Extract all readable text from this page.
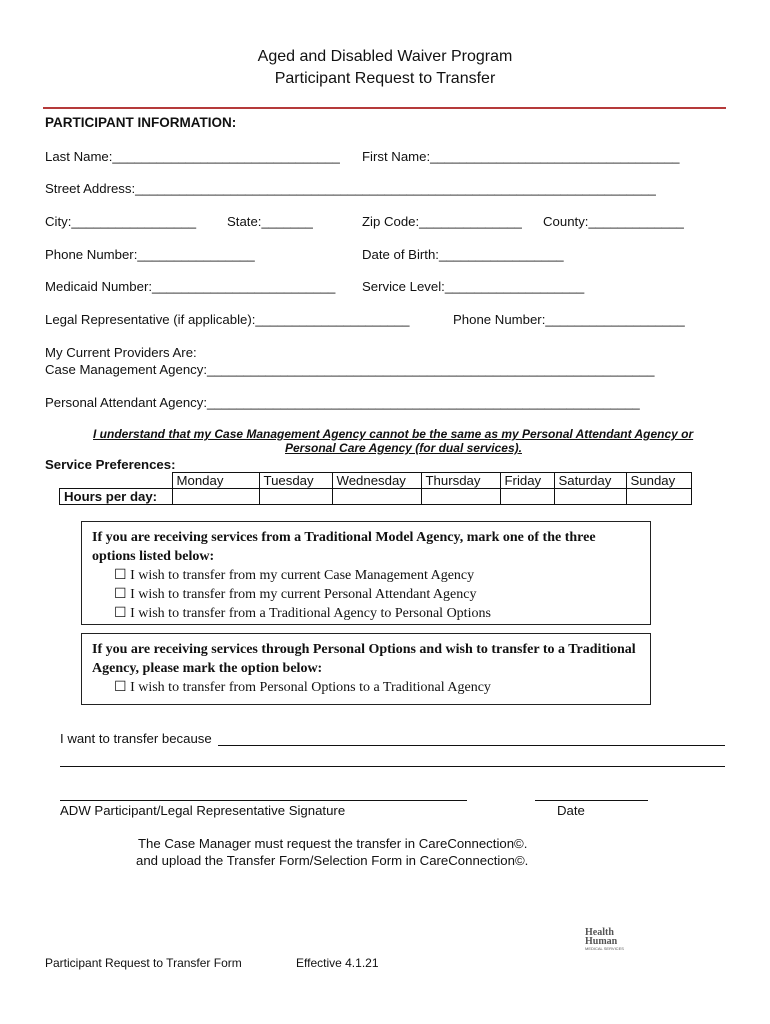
Aged and Disabled Waiver Program
Participant Request to Transfer
PARTICIPANT INFORMATION:
Last Name:_______________________________ First Name:__________________________________
Street Address:_______________________________________________________________________
City:_________________ State:_______	Zip Code:______________ County:_____________
Phone Number:________________	Date of Birth:_________________
Medicaid Number:_________________________ Service Level:___________________
Legal Representative (if applicable):_____________________	Phone Number:___________________
My Current Providers Are:
Case Management Agency:_____________________________________________________________
Personal Attendant Agency:___________________________________________________________
I understand that my Case Management Agency cannot be the same as my Personal Attendant Agency or
Personal Care Agency (for dual services).
Service Preferences:
	Monday	Tuesday	Wednesday	Thursday	Friday	Saturday	Sunday
Hours per day:							
If you are receiving services from a Traditional Model Agency, mark one of the three options listed below:
☐ I wish to transfer from my current Case Management Agency
☐ I wish to transfer from my current Personal Attendant Agency
☐ I wish to transfer from a Traditional Agency to Personal Options
If you are receiving services through Personal Options and wish to transfer to a Traditional Agency, please mark the option below:
☐ I wish to transfer from Personal Options to a Traditional Agency
I want to transfer because
ADW Participant/Legal Representative Signature	Date
The Case Manager must request the transfer in CareConnection©.
and upload the Transfer Form/Selection Form in CareConnection©.

Health
Human
MEDICAL SERVICES
Participant Request to Transfer Form	Effective 4.1.21
